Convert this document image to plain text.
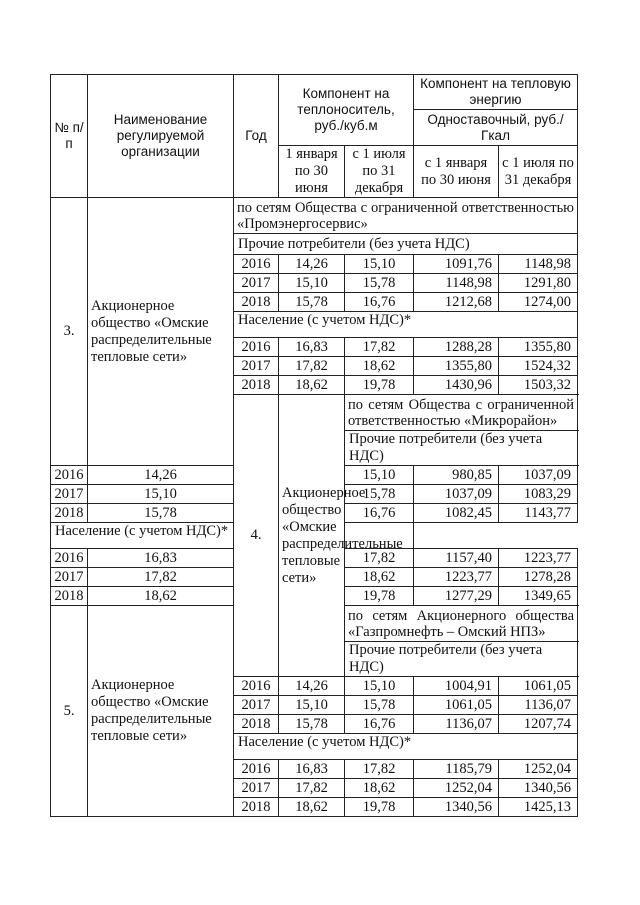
№ п/п	Наименование регулируемой организации	Год	Компонент на теплоноситель, руб./куб.м		Компонент на тепловую энергию	
					Одноставочный, руб./Гкал	
			1 января по 30 июня	с 1 июля по 31 декабря	с 1 января по 30 июня	с 1 июля по 31 декабря
3.	Акционерное общество «Омские распределительные тепловые сети»	по сетям Общества с ограниченной ответственностью «Промэнергосервис»				
		Прочие потребители (без учета НДС)				
		2016	14,26	15,10	1091,76	1148,98
		2017	15,10	15,78	1148,98	1291,80
		2018	15,78	16,76	1212,68	1274,00
		Население (с учетом НДС)*				
		2016	16,83	17,82	1288,28	1355,80
		2017	17,82	18,62	1355,80	1524,32
		2018	18,62	19,78	1430,96	1503,32
		4.	Акционерное общество «Омские распределительные тепловые сети»	по сетям Общества с ограниченной ответственностью «Микрорайон»		
				Прочие потребители (без учета НДС)		
2016	14,26			15,10	980,85	1037,09
2017	15,10			15,78	1037,09	1083,29
2018	15,78			16,76	1082,45	1143,77
Население (с учетом НДС)*						
2016	16,83			17,82	1157,40	1223,77
2017	17,82			18,62	1223,77	1278,28
2018	18,62			19,78	1277,29	1349,65
5.	Акционерное общество «Омские распределительные тепловые сети»			по сетям Акционерного общества «Газпромнефть – Омский НПЗ»		
				Прочие потребители (без учета НДС)		
		2016	14,26	15,10	1004,91	1061,05
		2017	15,10	15,78	1061,05	1136,07
		2018	15,78	16,76	1136,07	1207,74
		Население (с учетом НДС)*				
		2016	16,83	17,82	1185,79	1252,04
		2017	17,82	18,62	1252,04	1340,56
		2018	18,62	19,78	1340,56	1425,13
